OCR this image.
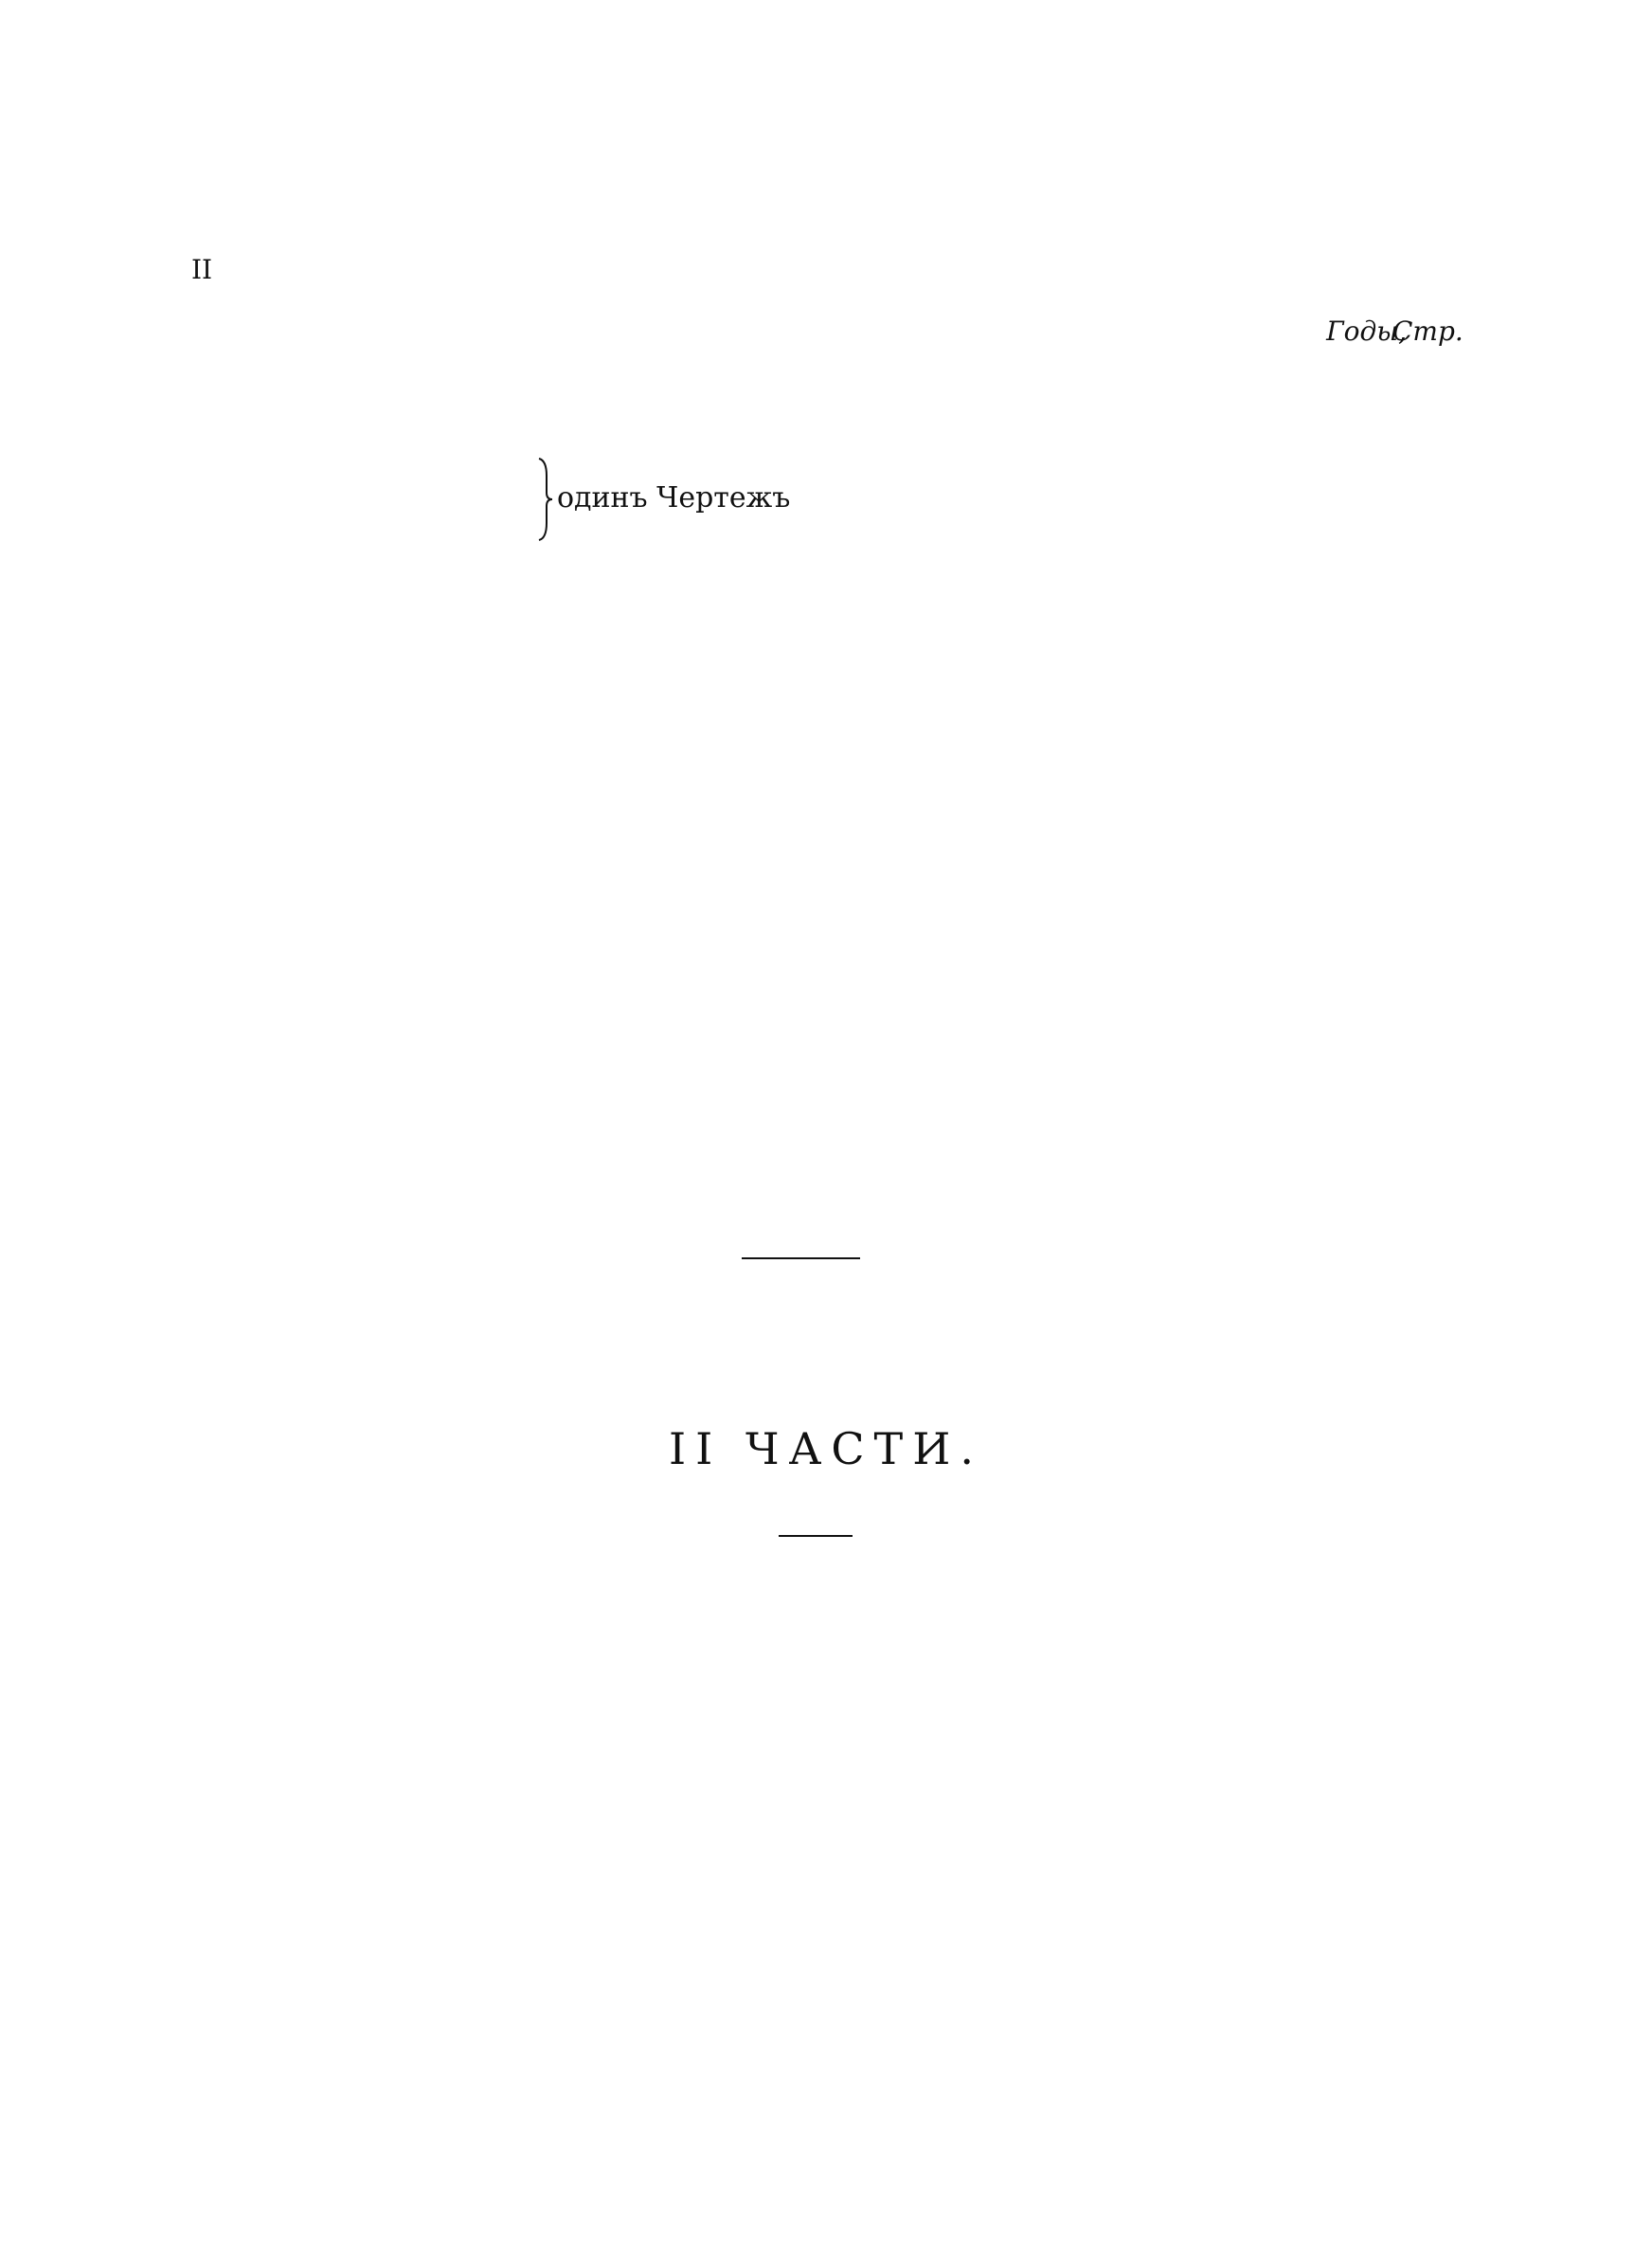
II
Годы,
Стр.
одинъ Чертежъ
II ЧАСТИ.
